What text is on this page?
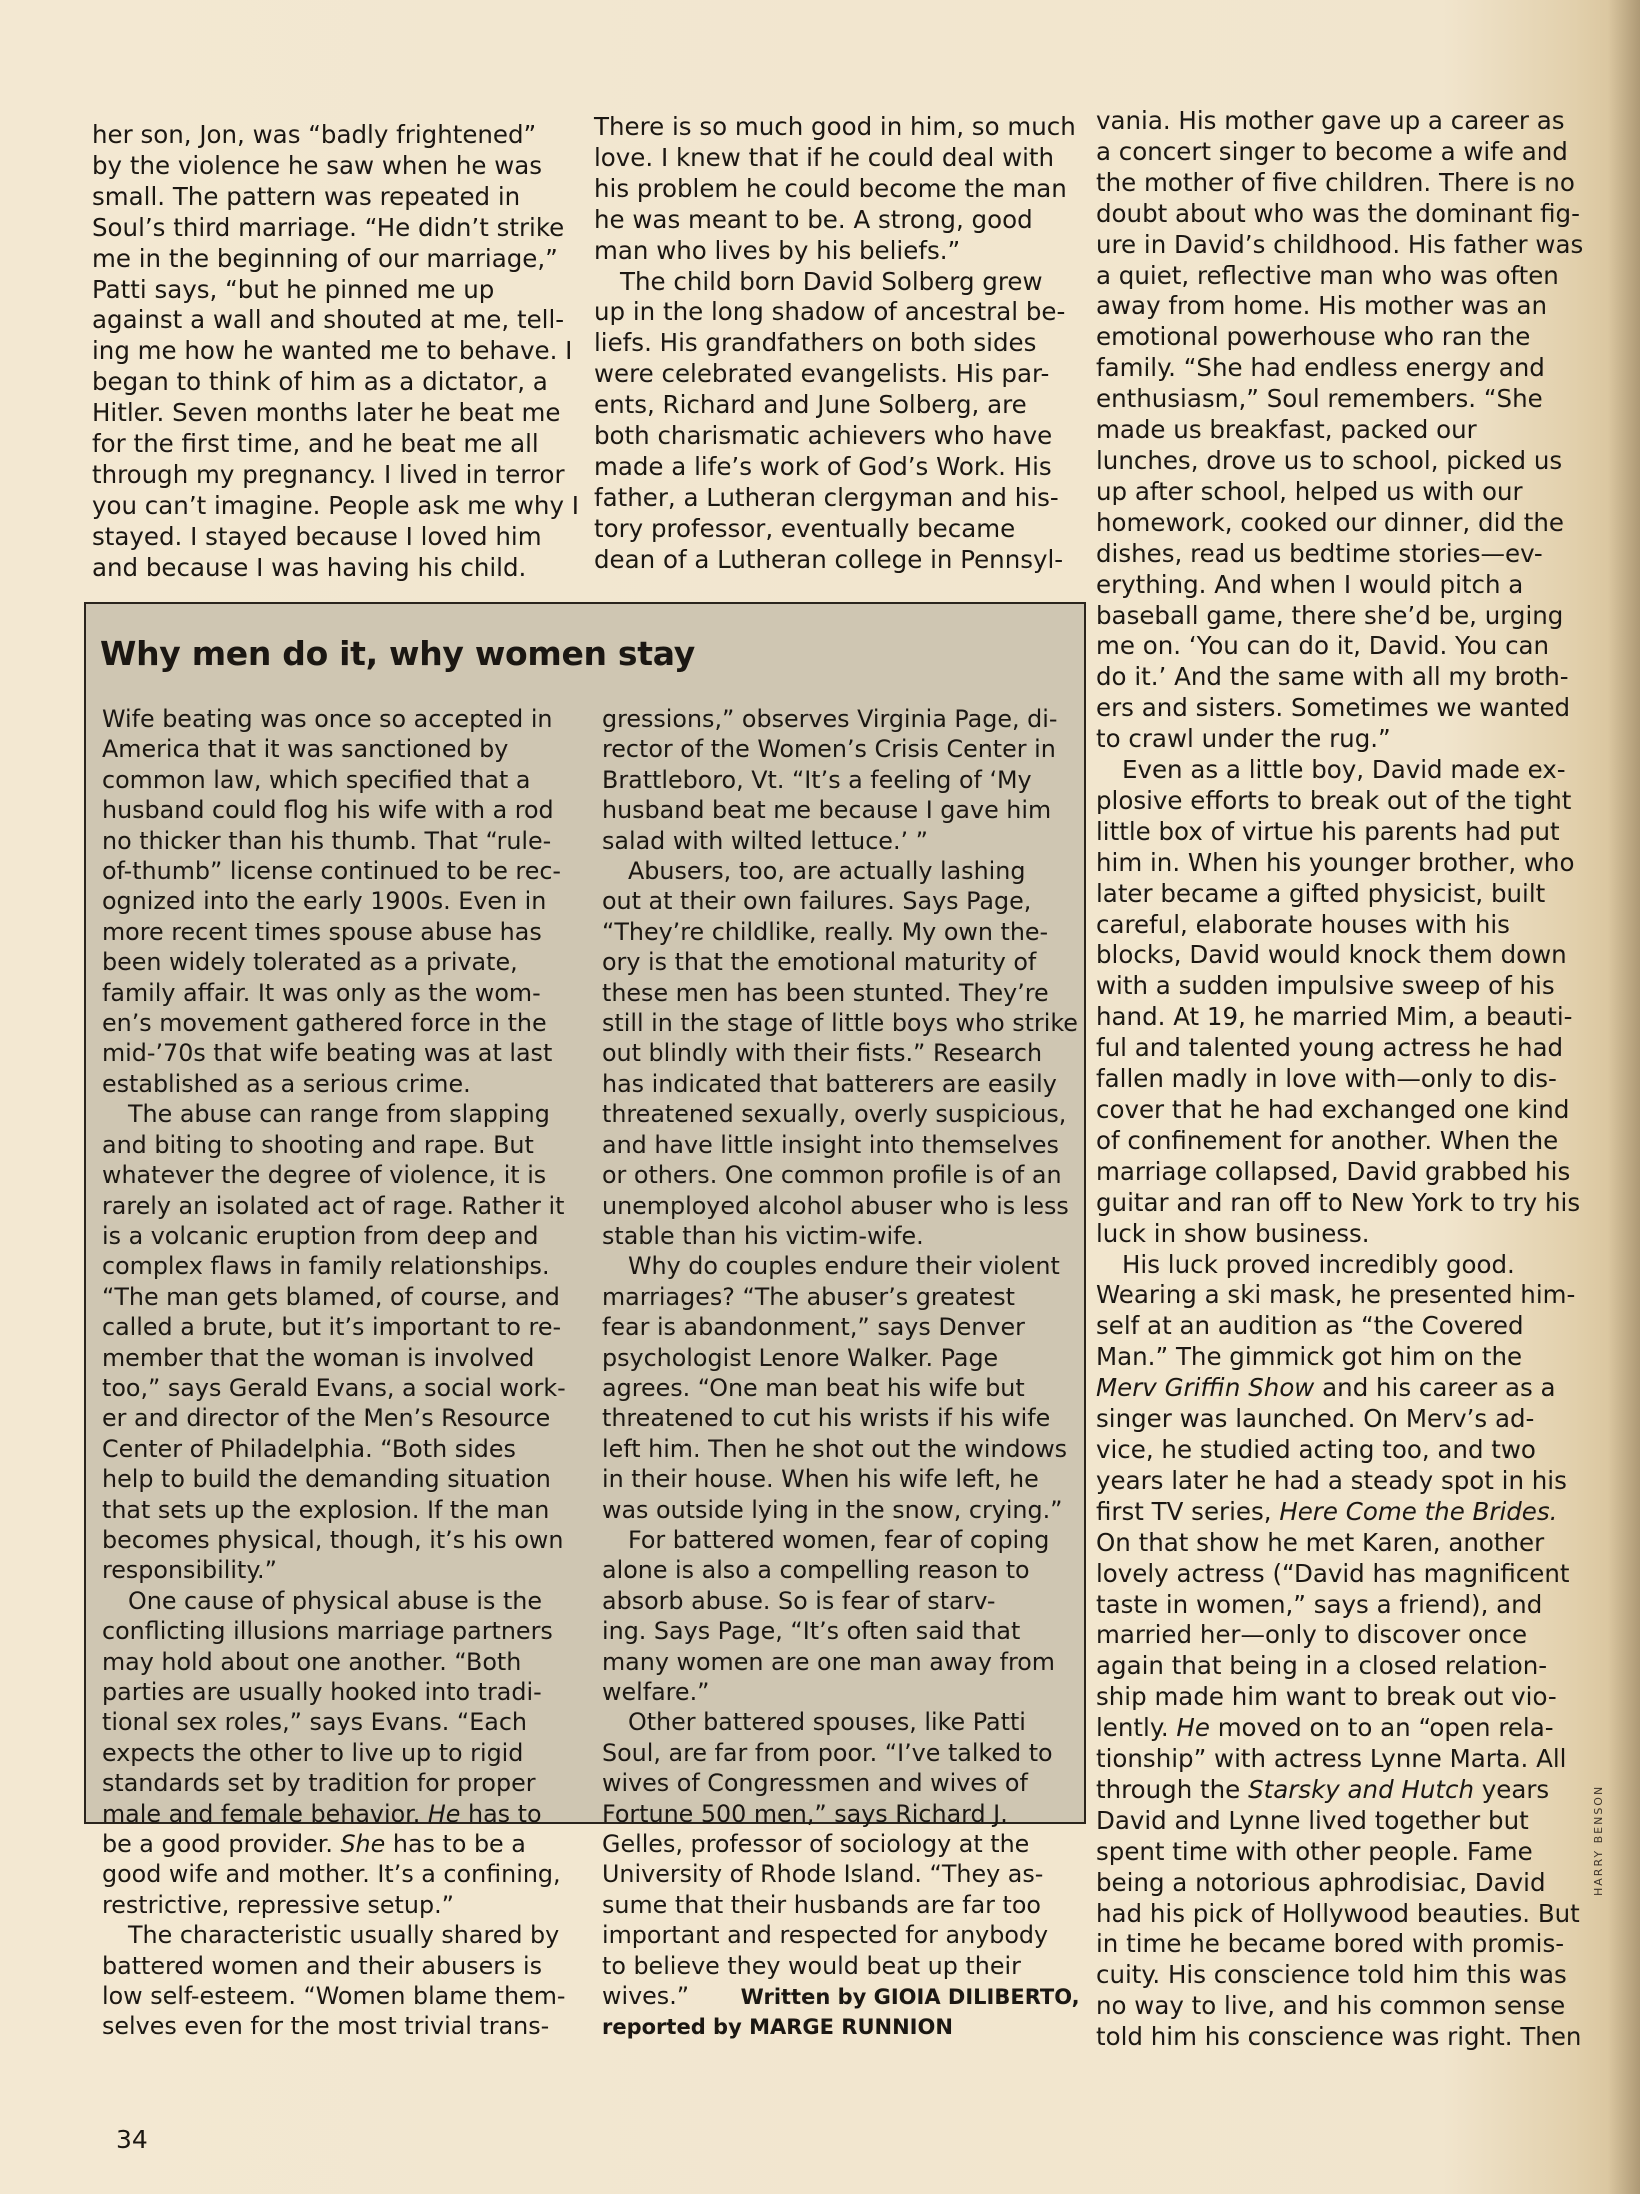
her son, Jon, was “badly frightened”

by the violence he saw when he was

small. The pattern was repeated in

Soul’s third marriage. “He didn’t strike

me in the beginning of our marriage,”

Patti says, “but he pinned me up

against a wall and shouted at me, tell-

ing me how he wanted me to behave. I

began to think of him as a dictator, a

Hitler. Seven months later he beat me

for the first time, and he beat me all

through my pregnancy. I lived in terror

you can’t imagine. People ask me why I

stayed. I stayed because I loved him

and because I was having his child.

There is so much good in him, so much

love. I knew that if he could deal with

his problem he could become the man

he was meant to be. A strong, good

man who lives by his beliefs.”

The child born David Solberg grew

up in the long shadow of ancestral be-

liefs. His grandfathers on both sides

were celebrated evangelists. His par-

ents, Richard and June Solberg, are

both charismatic achievers who have

made a life’s work of God’s Work. His

father, a Lutheran clergyman and his-

tory professor, eventually became

dean of a Lutheran college in Pennsyl-

vania. His mother gave up a career as

a concert singer to become a wife and

the mother of five children. There is no

doubt about who was the dominant fig-

ure in David’s childhood. His father was

a quiet, reflective man who was often

away from home. His mother was an

emotional powerhouse who ran the

family. “She had endless energy and

enthusiasm,” Soul remembers. “She

made us breakfast, packed our

lunches, drove us to school, picked us

up after school, helped us with our

homework, cooked our dinner, did the

dishes, read us bedtime stories—ev-

erything. And when I would pitch a

baseball game, there she’d be, urging

me on. ‘You can do it, David. You can

do it.’ And the same with all my broth-

ers and sisters. Sometimes we wanted

to crawl under the rug.”

Even as a little boy, David made ex-

plosive efforts to break out of the tight

little box of virtue his parents had put

him in. When his younger brother, who

later became a gifted physicist, built

careful, elaborate houses with his

blocks, David would knock them down

with a sudden impulsive sweep of his

hand. At 19, he married Mim, a beauti-

ful and talented young actress he had

fallen madly in love with—only to dis-

cover that he had exchanged one kind

of confinement for another. When the

marriage collapsed, David grabbed his

guitar and ran off to New York to try his

luck in show business.

His luck proved incredibly good.

Wearing a ski mask, he presented him-

self at an audition as “the Covered

Man.” The gimmick got him on the

Merv Griffin Show and his career as a

singer was launched. On Merv’s ad-

vice, he studied acting too, and two

years later he had a steady spot in his

first TV series, Here Come the Brides.

On that show he met Karen, another

lovely actress (“David has magnificent

taste in women,” says a friend), and

married her—only to discover once

again that being in a closed relation-

ship made him want to break out vio-

lently. He moved on to an “open rela-

tionship” with actress Lynne Marta. All

through the Starsky and Hutch years

David and Lynne lived together but

spent time with other people. Fame

being a notorious aphrodisiac, David

had his pick of Hollywood beauties. But

in time he became bored with promis-

cuity. His conscience told him this was

no way to live, and his common sense

told him his conscience was right. Then

Why men do it, why women stay

Wife beating was once so accepted in

America that it was sanctioned by

common law, which specified that a

husband could flog his wife with a rod

no thicker than his thumb. That “rule-

of-thumb” license continued to be rec-

ognized into the early 1900s. Even in

more recent times spouse abuse has

been widely tolerated as a private,

family affair. It was only as the wom-

en’s movement gathered force in the

mid-’70s that wife beating was at last

established as a serious crime.

The abuse can range from slapping

and biting to shooting and rape. But

whatever the degree of violence, it is

rarely an isolated act of rage. Rather it

is a volcanic eruption from deep and

complex flaws in family relationships.

“The man gets blamed, of course, and

called a brute, but it’s important to re-

member that the woman is involved

too,” says Gerald Evans, a social work-

er and director of the Men’s Resource

Center of Philadelphia. “Both sides

help to build the demanding situation

that sets up the explosion. If the man

becomes physical, though, it’s his own

responsibility.”

One cause of physical abuse is the

conflicting illusions marriage partners

may hold about one another. “Both

parties are usually hooked into tradi-

tional sex roles,” says Evans. “Each

expects the other to live up to rigid

standards set by tradition for proper

male and female behavior. He has to

be a good provider. She has to be a

good wife and mother. It’s a confining,

restrictive, repressive setup.”

The characteristic usually shared by

battered women and their abusers is

low self-esteem. “Women blame them-

selves even for the most trivial trans-

gressions,” observes Virginia Page, di-

rector of the Women’s Crisis Center in

Brattleboro, Vt. “It’s a feeling of ‘My

husband beat me because I gave him

salad with wilted lettuce.’ ”

Abusers, too, are actually lashing

out at their own failures. Says Page,

“They’re childlike, really. My own the-

ory is that the emotional maturity of

these men has been stunted. They’re

still in the stage of little boys who strike

out blindly with their fists.” Research

has indicated that batterers are easily

threatened sexually, overly suspicious,

and have little insight into themselves

or others. One common profile is of an

unemployed alcohol abuser who is less

stable than his victim-wife.

Why do couples endure their violent

marriages? “The abuser’s greatest

fear is abandonment,” says Denver

psychologist Lenore Walker. Page

agrees. “One man beat his wife but

threatened to cut his wrists if his wife

left him. Then he shot out the windows

in their house. When his wife left, he

was outside lying in the snow, crying.”

For battered women, fear of coping

alone is also a compelling reason to

absorb abuse. So is fear of starv-

ing. Says Page, “It’s often said that

many women are one man away from

welfare.”

Other battered spouses, like Patti

Soul, are far from poor. “I’ve talked to

wives of Congressmen and wives of

Fortune 500 men,” says Richard J.

Gelles, professor of sociology at the

University of Rhode Island. “They as-

sume that their husbands are far too

important and respected for anybody

to believe they would beat up their

wives.” Written by GIOIA DILIBERTO,

reported by MARGE RUNNION

HARRY BENSON
34
